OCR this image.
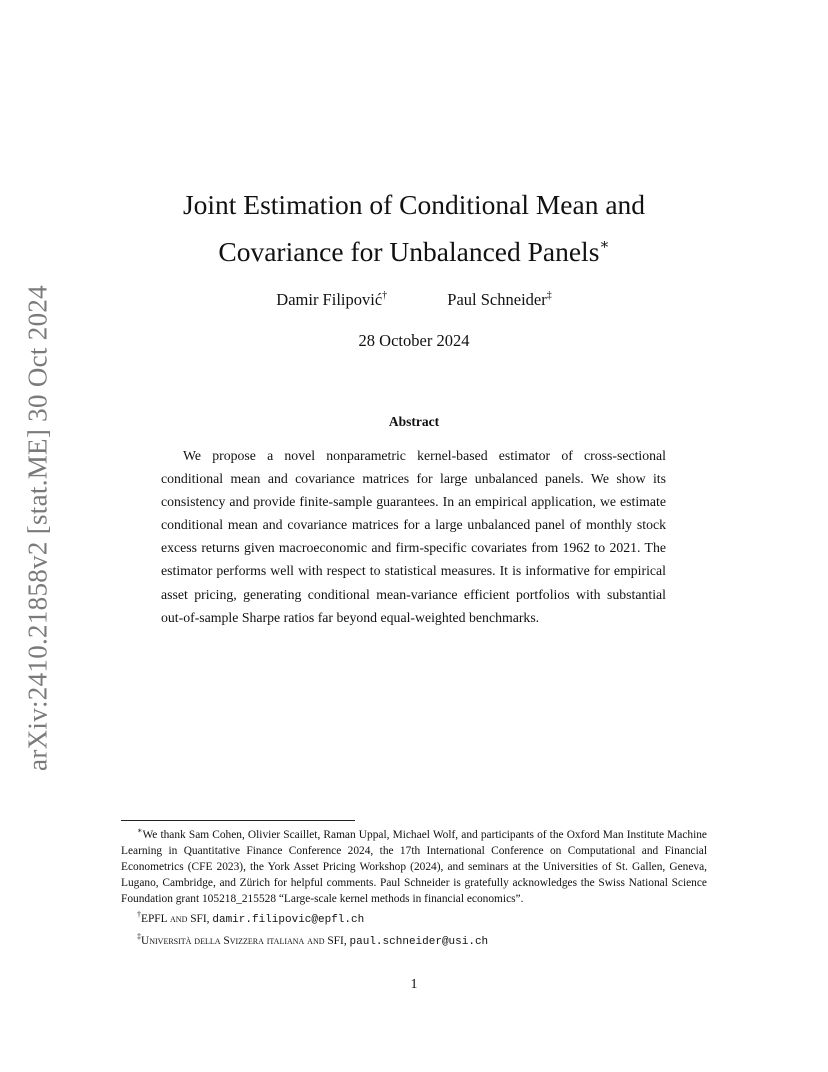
arXiv:2410.21858v2 [stat.ME] 30 Oct 2024
Joint Estimation of Conditional Mean and
Covariance for Unbalanced Panels∗
Damir Filipović†	Paul Schneider‡
28 October 2024
Abstract
We propose a novel nonparametric kernel-based estimator of cross-sectional conditional mean and covariance matrices for large unbalanced panels. We show its consistency and provide finite-sample guarantees. In an empirical application, we estimate conditional mean and covariance matrices for a large unbalanced panel of monthly stock excess returns given macroeconomic and firm-specific covariates from 1962 to 2021. The estimator performs well with respect to statistical measures. It is informative for empirical asset pricing, generating conditional mean-variance efficient portfolios with substantial out-of-sample Sharpe ratios far beyond equal-weighted benchmarks.

∗We thank Sam Cohen, Olivier Scaillet, Raman Uppal, Michael Wolf, and participants of the Oxford Man Institute Machine Learning in Quantitative Finance Conference 2024, the 17th International Conference on Computational and Financial Econometrics (CFE 2023), the York Asset Pricing Workshop (2024), and seminars at the Universities of St. Gallen, Geneva, Lugano, Cambridge, and Zürich for helpful comments. Paul Schneider is gratefully acknowledges the Swiss National Science Foundation grant 105218_215528 “Large-scale kernel methods in financial economics”.

†EPFL and SFI, damir.filipovic@epfl.ch

‡Università della Svizzera italiana and SFI, paul.schneider@usi.ch

1
